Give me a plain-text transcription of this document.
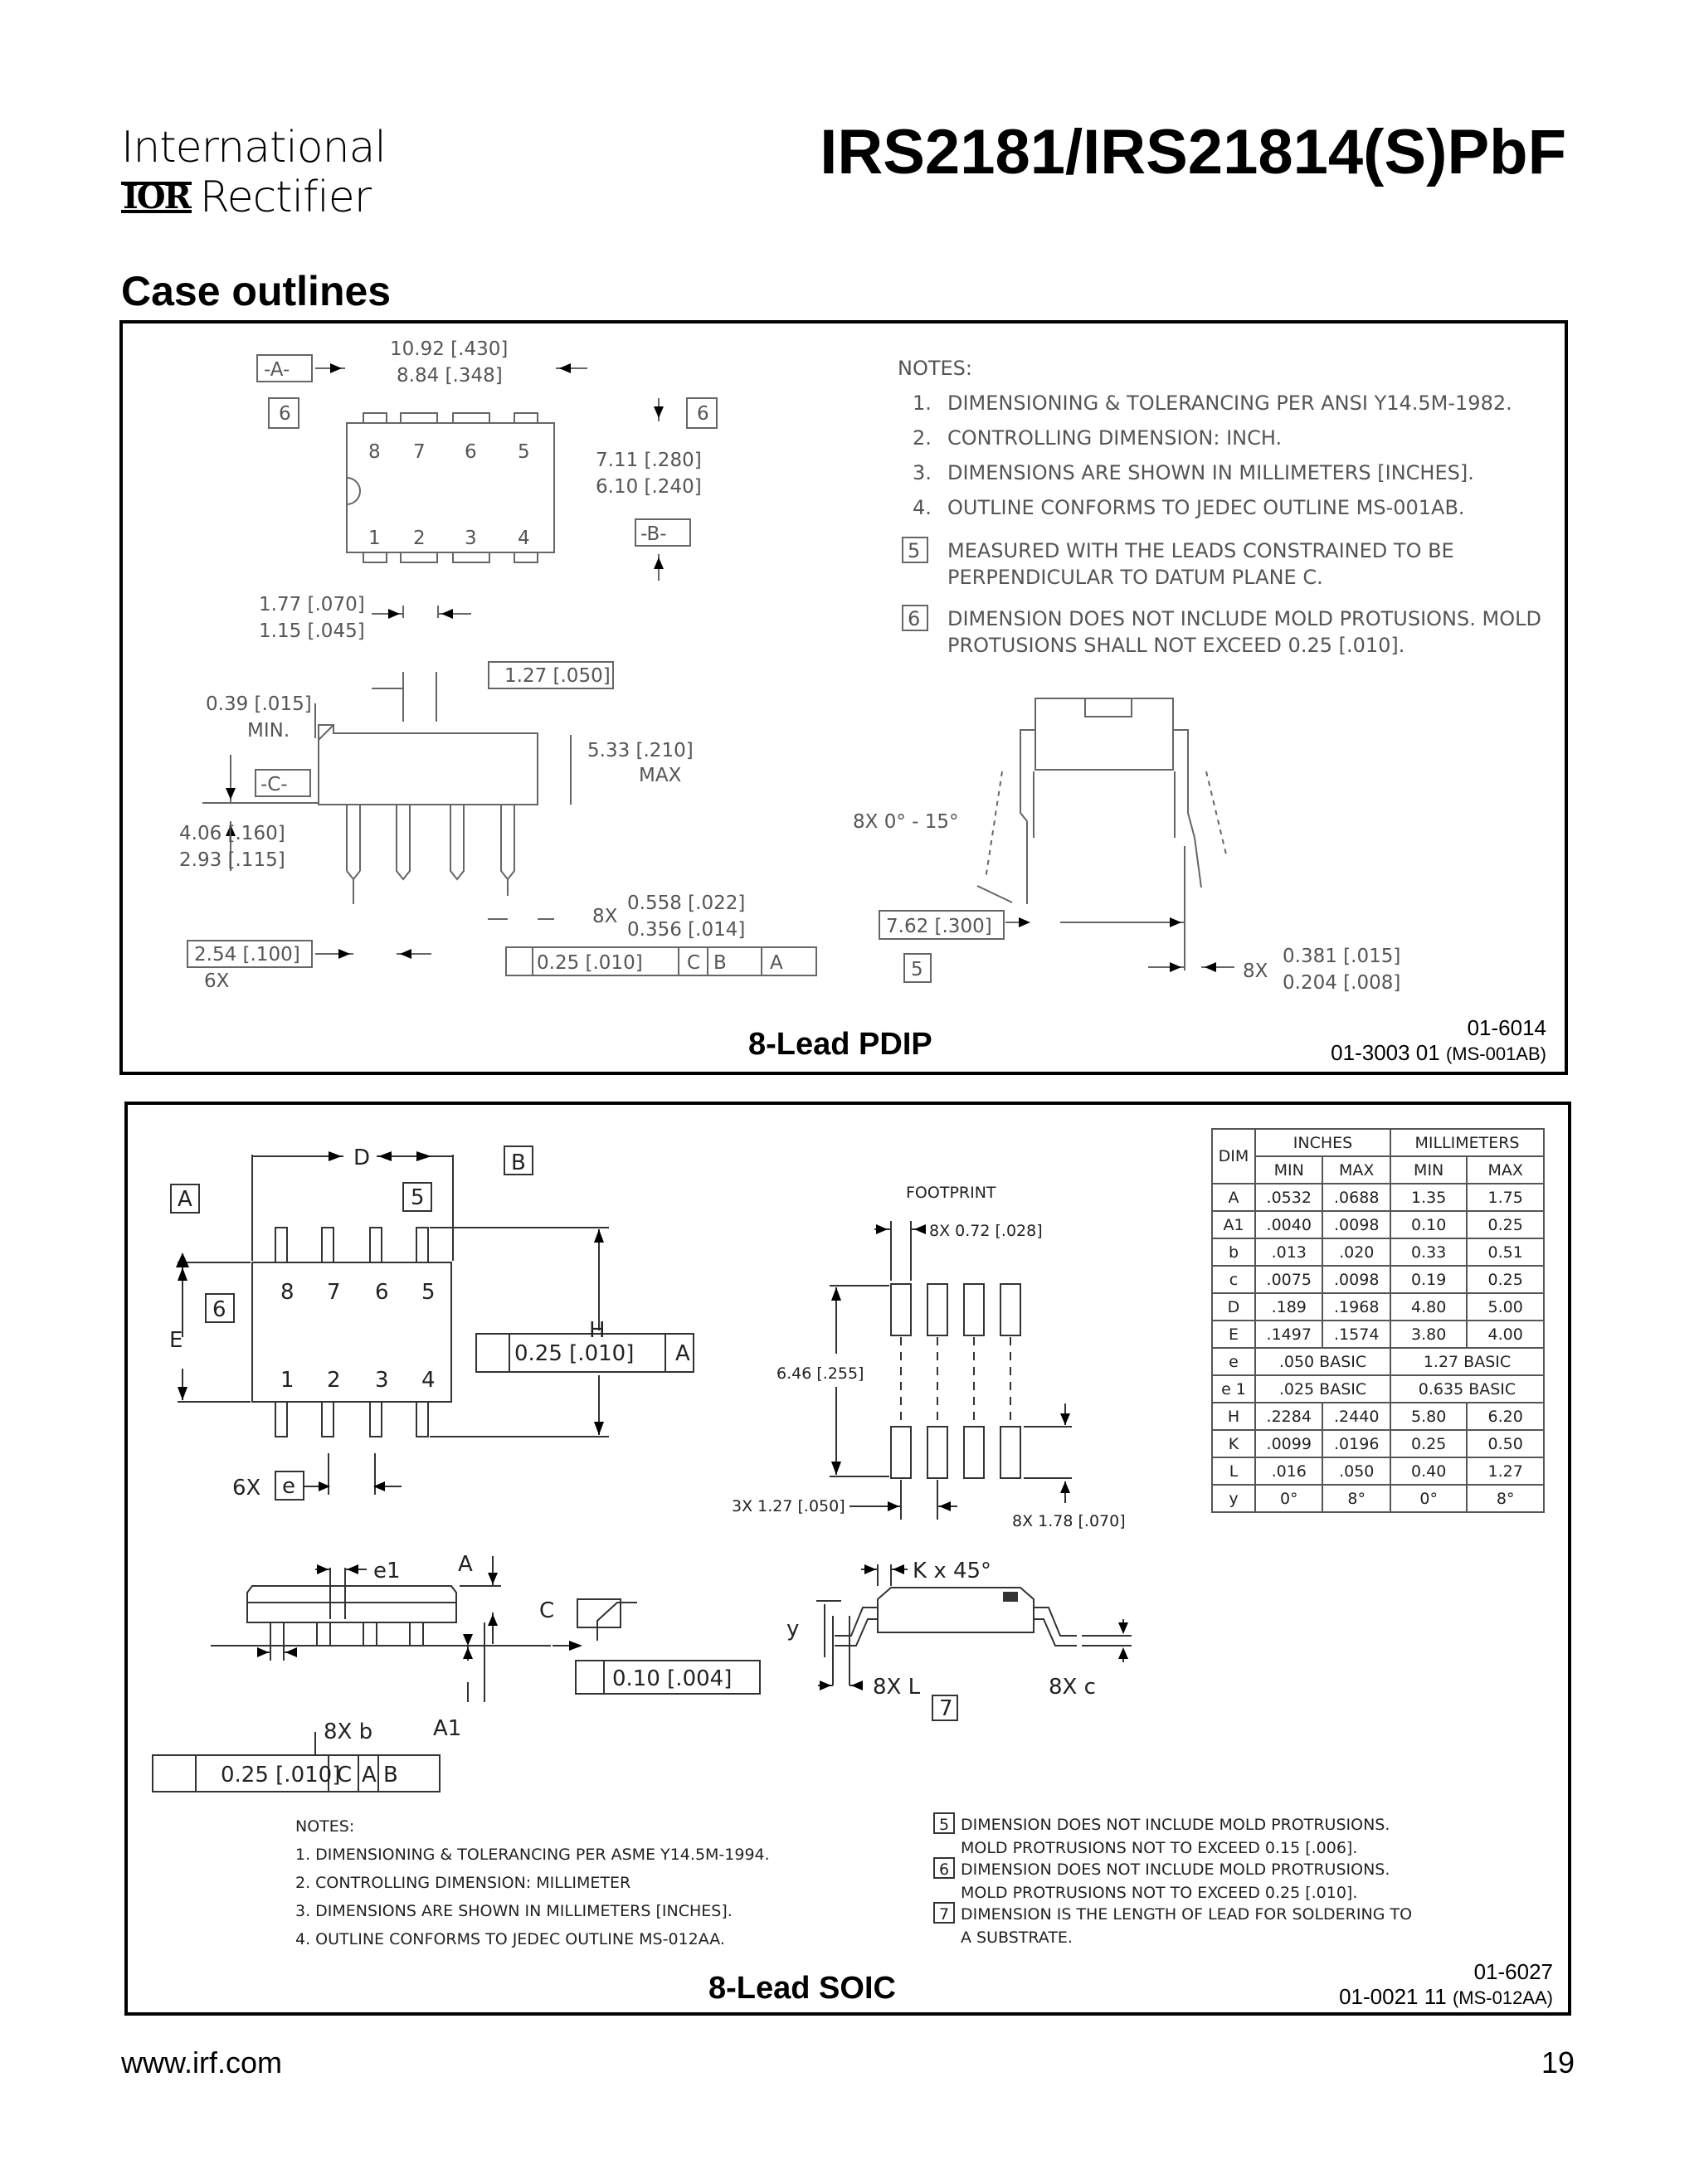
International
IOR Rectifier
IRS2181/IRS21814(S)PbF
Case outlines
-A-
6	6
-B-
-C-
10.92 [.430]
8.84 [.348]
7.11 [.280]
6.10 [.240]
1.77 [.070]
1.15 [.045]
1.27 [.050]
0.39 [.015]
MIN.
5.33 [.210]
MAX
4.06 [.160]
2.93 [.115]
8X
0.558 [.022]
0.356 [.014]
2.54 [.100]
6X
0.25 [.010] C B A
8X 0° - 15°
7.62 [.300]
5	8X
0.381 [.015]
0.204 [.008]
8 7 6 5
1 2 3 4
NOTES:
1. DIMENSIONING & TOLERANCING PER ANSI Y14.5M-1982.
2. CONTROLLING DIMENSION: INCH.
3. DIMENSIONS ARE SHOWN IN MILLIMETERS [INCHES].
4. OUTLINE CONFORMS TO JEDEC OUTLINE MS-001AB.
5 MEASURED WITH THE LEADS CONSTRAINED TO BE
PERPENDICULAR TO DATUM PLANE C.
6 DIMENSION DOES NOT INCLUDE MOLD PROTUSIONS. MOLD
PROTUSIONS SHALL NOT EXCEED 0.25 [.010].
8-Lead PDIP	01-6014
01-3003 01 (MS-001AB)
D	B
A	5
6
E	H
0.25 [.010] A
6X e
8 7 6 5
1 2 3 4
e1
C
A
0.10 [.004]
8X b	A1
0.25 [.010]
C A B
K x 45°
y
8X L	8X c
7
FOOTPRINT
8X 0.72 [.028]
6.46 [.255]
3X 1.27 [.050]
8X 1.78 [.070]
NOTES:
1. DIMENSIONING & TOLERANCING PER ASME Y14.5M-1994.
2. CONTROLLING DIMENSION: MILLIMETER
3. DIMENSIONS ARE SHOWN IN MILLIMETERS [INCHES].
4. OUTLINE CONFORMS TO JEDEC OUTLINE MS-012AA.
5 DIMENSION DOES NOT INCLUDE MOLD PROTRUSIONS.
MOLD PROTRUSIONS NOT TO EXCEED 0.15 [.006].
6 DIMENSION DOES NOT INCLUDE MOLD PROTRUSIONS.
MOLD PROTRUSIONS NOT TO EXCEED 0.25 [.010].
7 DIMENSION IS THE LENGTH OF LEAD FOR SOLDERING TO
A SUBSTRATE.
DIM	INCHES		MILLIMETERS	
	MIN	MAX	MIN	MAX
A	.0532	.0688	1.35	1.75
A1	.0040	.0098	0.10	0.25
b	.013	.020	0.33	0.51
c	.0075	.0098	0.19	0.25
D	.189	.1968	4.80	5.00
E	.1497	.1574	3.80	4.00
e	.050 BASIC		1.27 BASIC	
e 1	.025 BASIC		0.635 BASIC	
H	.2284	.2440	5.80	6.20
K	.0099	.0196	0.25	0.50
L	.016	.050	0.40	1.27
y	0°	8°	0°	8°
8-Lead SOIC	01-6027
01-0021 11 (MS-012AA)
www.irf.com	19
